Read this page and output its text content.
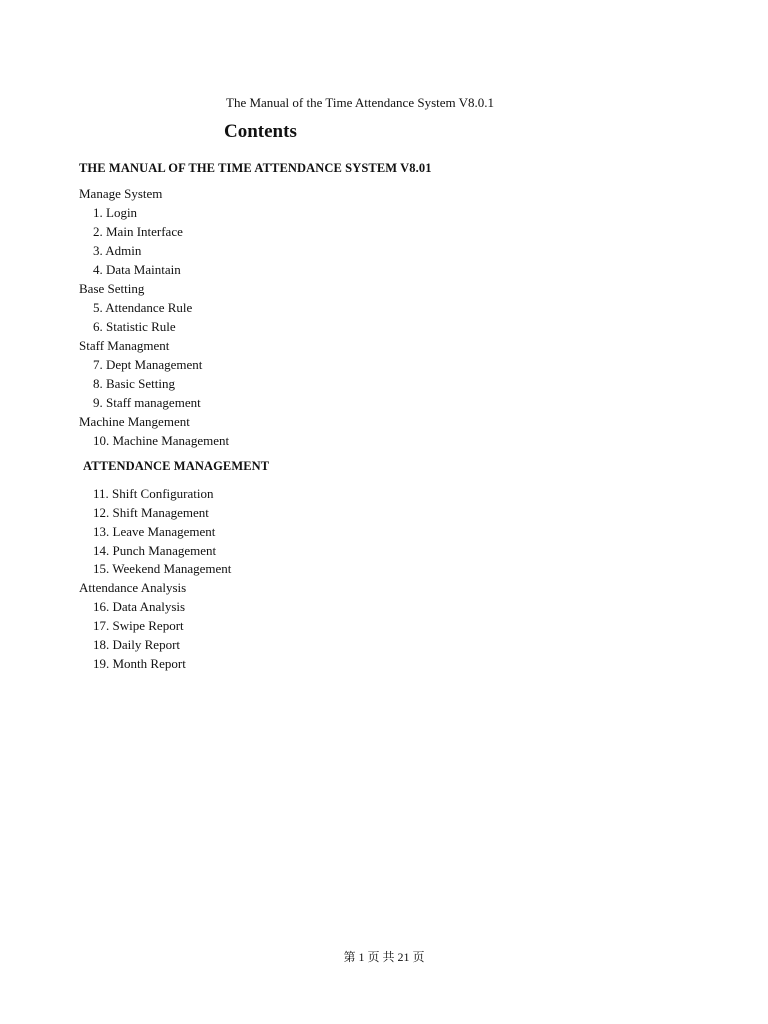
The Manual of the Time Attendance System V8.0.1
Contents
THE MANUAL OF THE TIME ATTENDANCE SYSTEM V8.01
Manage System
1. Login
2. Main Interface
3. Admin
4. Data Maintain
Base Setting
5. Attendance Rule
6. Statistic Rule
Staff Managment
7. Dept Management
8. Basic Setting
9. Staff management
Machine Mangement
10. Machine Management
ATTENDANCE MANAGEMENT
11. Shift Configuration
12. Shift Management
13. Leave Management
14. Punch Management
15. Weekend Management
Attendance Analysis
16. Data Analysis
17. Swipe Report
18. Daily Report
19. Month Report
第 1 页 共 21 页
